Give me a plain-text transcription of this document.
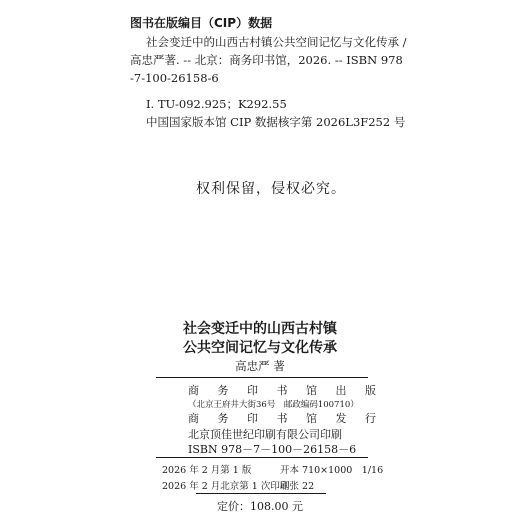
图书在版编目（CIP）数据
社会变迁中的山西古村镇公共空间记忆与文化传承 /
高忠严著. -- 北京：商务印书馆，2026. -- ISBN 978
-7-100-26158-6
Ⅰ. TU-092.925；K292.55
中国国家版本馆 CIP 数据核字第 2026L3F252 号
权利保留，侵权必究。
社会变迁中的山西古村镇
公共空间记忆与文化传承
高忠严 著
商 务 印 书 馆 出 版
（北京王府井大街36号　邮政编码100710）
商 务 印 书 馆 发 行
北京顶佳世纪印刷有限公司印刷
ISBN 978－7－100－26158－6
2026 年 2 月第 1 版	开本 710×1000　1/16
2026 年 2 月北京第 1 次印刷
印张 22
定价：108.00 元
